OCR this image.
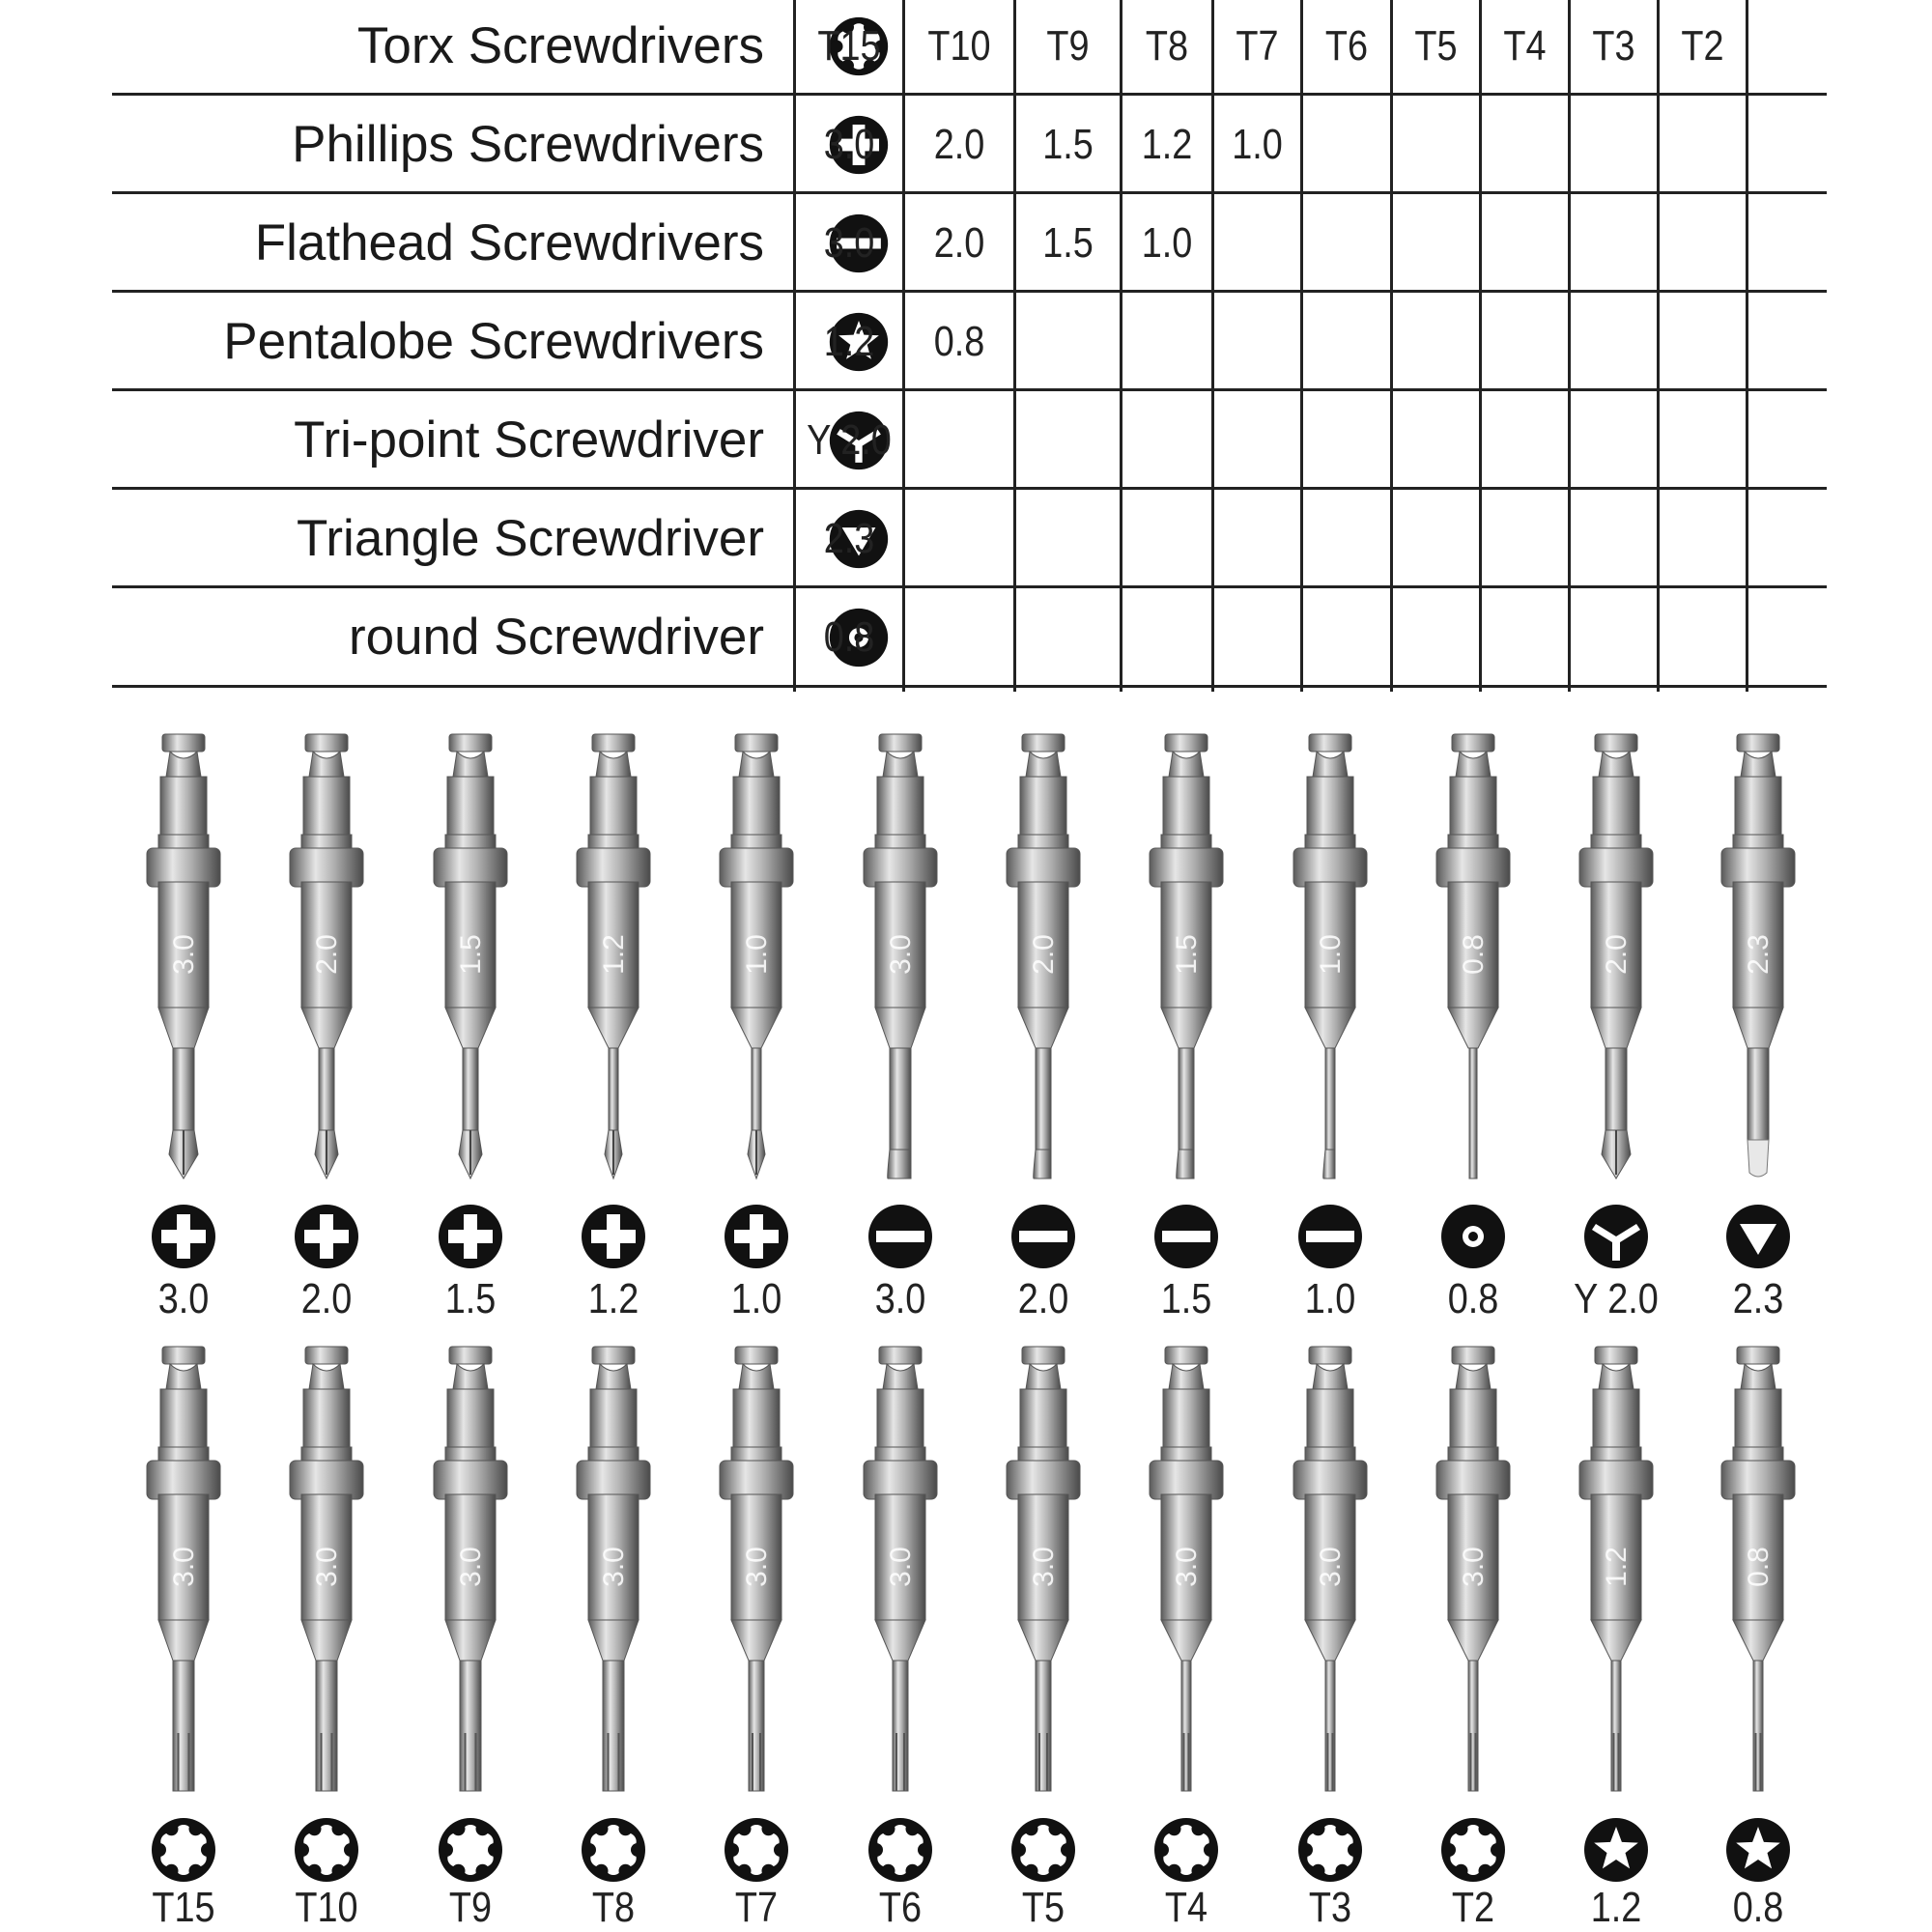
Torx Screwdrivers	T15	T10	T9	T8	T7	T6	T5	T4	T3	T2
Phillips Screwdrivers	3.0	2.0	1.5	1.2 1.0
Flathead Screwdrivers	3.0	2.0	1.5	1.0
Pentalobe Screwdrivers	1.2	0.8
Tri-point Screwdriver Y 2.0
Triangle Screwdriver	2.3
round Screwdriver	0.8
3.0
3.0
2.0
2.0
1.5
1.5
1.2
1.2
1.0
1.0
3.0
3.0
2.0
2.0
1.5
1.5
1.0
1.0
0.8
0.8
2.0
Y 2.0
2.3
2.3
3.0
T15
3.0
T10
3.0
T9
3.0
T8
3.0
T7
3.0
T6
3.0
T5
3.0
T4
3.0
T3
3.0
T2
1.2
1.2
0.8
0.8
